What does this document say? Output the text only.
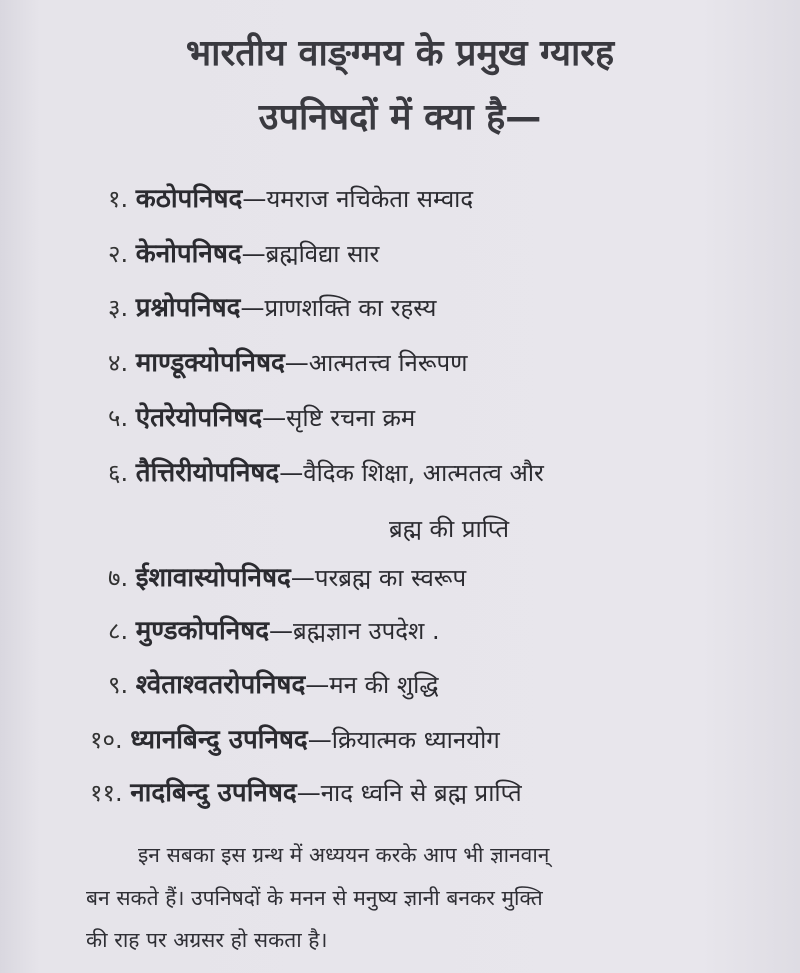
भारतीय वाङ्ग्मय के प्रमुख ग्यारह
उपनिषदों में क्या है—
१. कठोपनिषद—यमराज नचिकेता सम्वाद
२. केनोपनिषद—ब्रह्मविद्या सार
३. प्रश्नोपनिषद—प्राणशक्ति का रहस्य
४. माण्डूक्योपनिषद—आत्मतत्त्व निरूपण
५. ऐतरेयोपनिषद—सृष्टि रचना क्रम
६. तैत्तिरीयोपनिषद—वैदिक शिक्षा, आत्मतत्व और
ब्रह्म की प्राप्ति
७. ईशावास्योपनिषद—परब्रह्म का स्वरूप
८. मुण्डकोपनिषद—ब्रह्मज्ञान उपदेश .
९. श्वेताश्वतरोपनिषद—मन की शुद्धि
१०. ध्यानबिन्दु उपनिषद—क्रियात्मक ध्यानयोग
११. नादबिन्दु उपनिषद—नाद ध्वनि से ब्रह्म प्राप्ति
इन सबका इस ग्रन्थ में अध्ययन करके आप भी ज्ञानवान्
बन सकते हैं। उपनिषदों के मनन से मनुष्य ज्ञानी बनकर मुक्ति
की राह पर अग्रसर हो सकता है।
